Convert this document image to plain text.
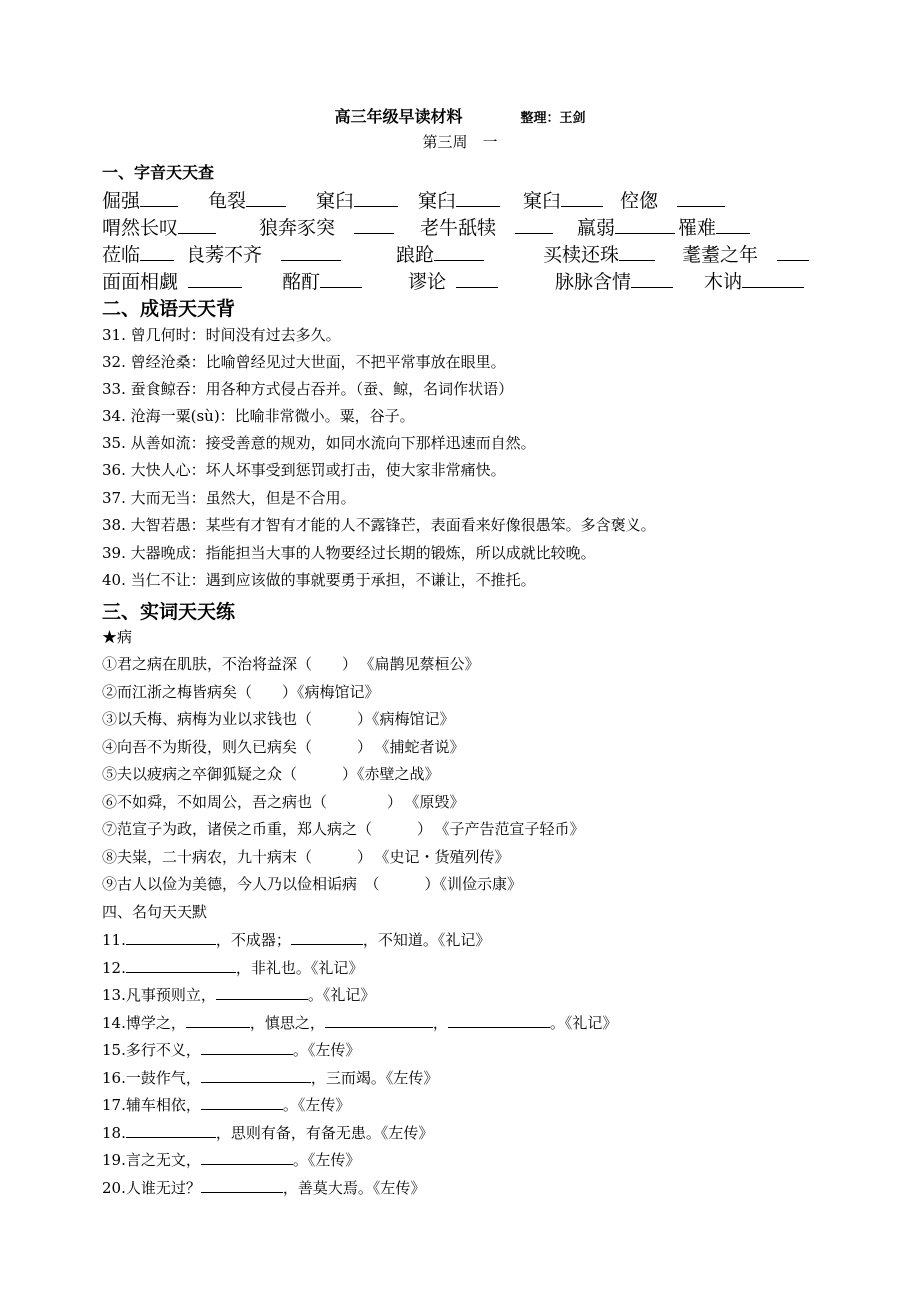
高三年级早读材料	整理：王剑
第三周　一
一、字音天天查
倔强	龟裂	窠臼	窠臼	窠臼	倥偬　
喟然长叹	狼奔豕突　	老牛舐犊　	羸弱	罹难
莅临	良莠不齐　	踉跄	买椟还珠	耄耋之年　
面面相觑 	酩酊	谬论 	脉脉含情	木讷
二、成语天天背
31. 曾几何时：时间没有过去多久。
32. 曾经沧桑：比喻曾经见过大世面，不把平常事放在眼里。
33. 蚕食鲸吞：用各种方式侵占吞并。（蚕、鲸，名词作状语）
34. 沧海一粟(sù)：比喻非常微小。粟，谷子。
35. 从善如流：接受善意的规劝，如同水流向下那样迅速而自然。
36. 大快人心：坏人坏事受到惩罚或打击，使大家非常痛快。
37. 大而无当：虽然大，但是不合用。
38. 大智若愚：某些有才智有才能的人不露锋芒，表面看来好像很愚笨。多含褒义。
39. 大器晚成：指能担当大事的人物要经过长期的锻炼，所以成就比较晚。
40. 当仁不让：遇到应该做的事就要勇于承担，不谦让，不推托。
三、实词天天练
★病
①君之病在肌肤，不治将益深（　　） 《扁鹊见蔡桓公》
②而江浙之梅皆病矣（　　）《病梅馆记》
③以夭梅、病梅为业以求钱也（　　　）《病梅馆记》
④向吾不为斯役，则久已病矣（　　　） 《捕蛇者说》
⑤夫以疲病之卒御狐疑之众（　　　）《赤壁之战》
⑥不如舜，不如周公，吾之病也（　　　　） 《原毁》
⑦范宣子为政，诸侯之币重，郑人病之（　　　） 《子产告范宣子轻币》
⑧夫粜，二十病农，九十病末（　　　） 《史记・货殖列传》
⑨古人以俭为美德，今人乃以俭相诟病　（　　　）《训俭示康》
四、名句天天默
11.	，不成器；	，不知道。《礼记》
12.	，非礼也。《礼记》
13.凡事预则立，	。《礼记》
14.博学之，	，慎思之，	，	。《礼记》
15.多行不义，	。《左传》
16.一鼓作气，	，三而竭。《左传》
17.辅车相依，	。《左传》
18.	，思则有备，有备无患。《左传》
19.言之无文，	。《左传》
20.人谁无过？	，善莫大焉。《左传》
